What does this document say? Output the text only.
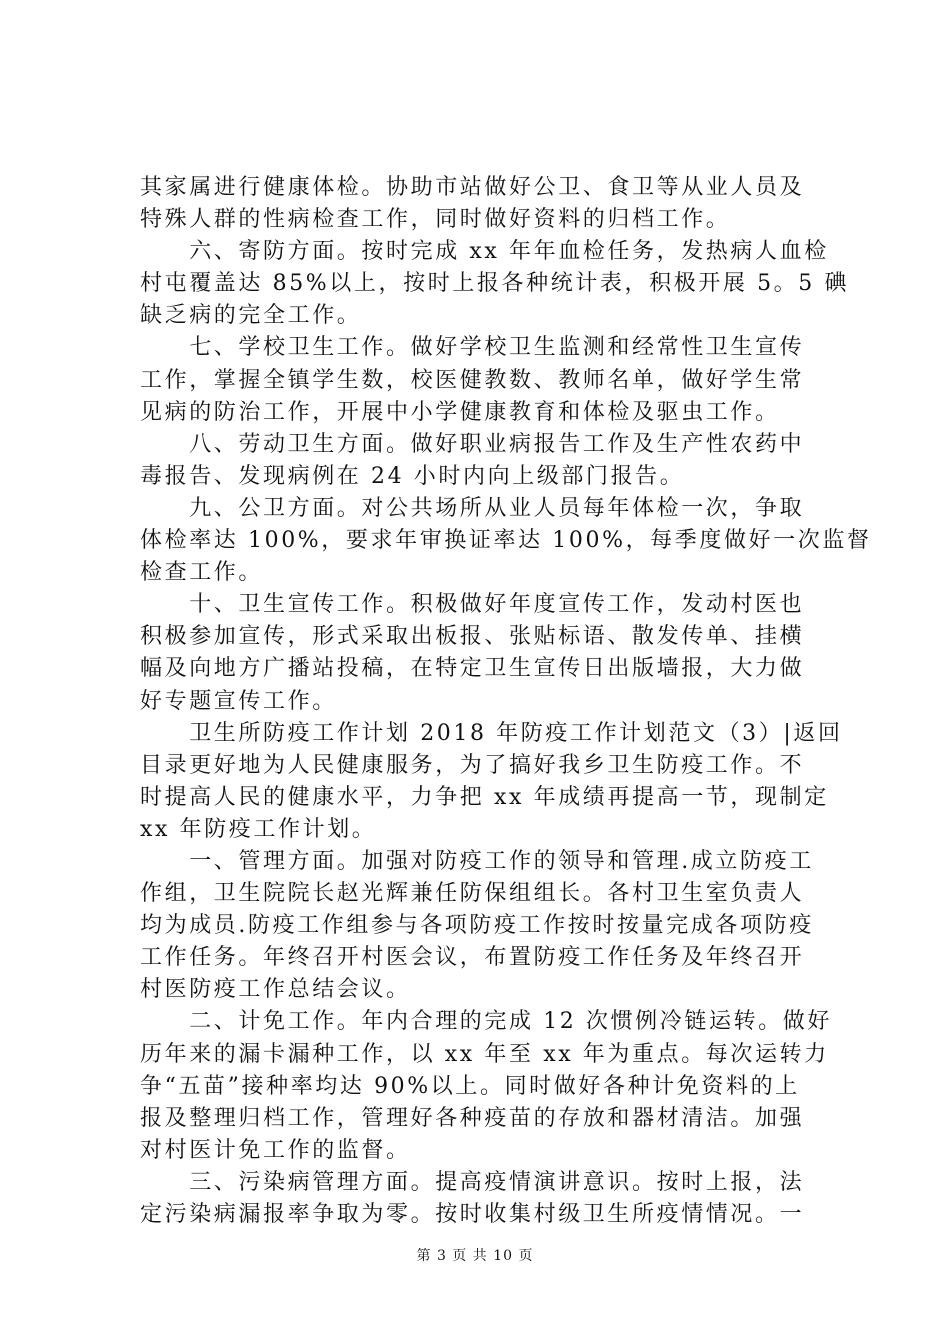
其家属进行健康体检。协助市站做好公卫、食卫等从业人员及
特殊人群的性病检查工作，同时做好资料的归档工作。
　　六、寄防方面。按时完成 xx 年年血检任务，发热病人血检
村屯覆盖达 85%以上，按时上报各种统计表，积极开展 5。5 碘
缺乏病的完全工作。
　　七、学校卫生工作。做好学校卫生监测和经常性卫生宣传
工作，掌握全镇学生数，校医健教数、教师名单，做好学生常
见病的防治工作，开展中小学健康教育和体检及驱虫工作。
　　八、劳动卫生方面。做好职业病报告工作及生产性农药中
毒报告、发现病例在 24 小时内向上级部门报告。
　　九、公卫方面。对公共场所从业人员每年体检一次，争取
体检率达 100%，要求年审换证率达 100%，每季度做好一次监督
检查工作。
　　十、卫生宣传工作。积极做好年度宣传工作，发动村医也
积极参加宣传，形式采取出板报、张贴标语、散发传单、挂横
幅及向地方广播站投稿，在特定卫生宣传日出版墙报，大力做
好专题宣传工作。
　　卫生所防疫工作计划 2018 年防疫工作计划范文（3）|返回
目录更好地为人民健康服务，为了搞好我乡卫生防疫工作。不
时提高人民的健康水平，力争把 xx 年成绩再提高一节，现制定
xx 年防疫工作计划。
　　一、管理方面。加强对防疫工作的领导和管理.成立防疫工
作组，卫生院院长赵光辉兼任防保组组长。各村卫生室负责人
均为成员.防疫工作组参与各项防疫工作按时按量完成各项防疫
工作任务。年终召开村医会议，布置防疫工作任务及年终召开
村医防疫工作总结会议。
　　二、计免工作。年内合理的完成 12 次惯例冷链运转。做好
历年来的漏卡漏种工作，以 xx 年至 xx 年为重点。每次运转力
争“五苗”接种率均达 90%以上。同时做好各种计免资料的上
报及整理归档工作，管理好各种疫苗的存放和器材清洁。加强
对村医计免工作的监督。
　　三、污染病管理方面。提高疫情演讲意识。按时上报，法
定污染病漏报率争取为零。按时收集村级卫生所疫情情况。一
第 3 页 共 10 页
